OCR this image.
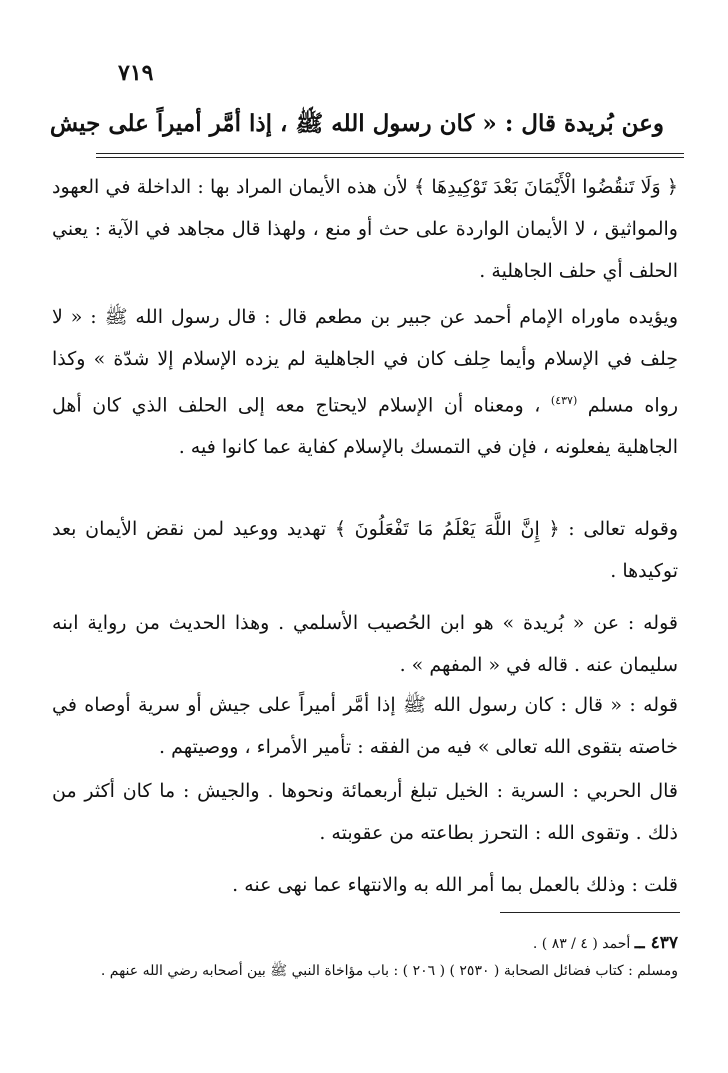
٧١٩
وعن بُريدة قال : « كان رسول الله ﷺ ، إذا أمَّر أميراً على جيش
﴿ وَلَا تَنقُضُوا الْأَيْمَانَ بَعْدَ تَوْكِيدِهَا ﴾ لأن هذه الأيمان المراد بها : الداخلة في العهود والمواثيق ، لا الأيمان الواردة على حث أو منع ، ولهذا قال مجاهد في الآية : يعني الحلف أي حلف الجاهلية .
ويؤيده ماوراه الإمام أحمد عن جبير بن مطعم قال : قال رسول الله ﷺ : « لا حِلف في الإسلام وأيما حِلف كان في الجاهلية لم يزده الإسلام إلا شدّة » وكذا رواه مسلم $^{(٤٣٧)}$ ، ومعناه أن الإسلام لايحتاج معه إلى الحلف الذي كان أهل الجاهلية يفعلونه ، فإن في التمسك بالإسلام كفاية عما كانوا فيه .
وقوله تعالى : ﴿ إِنَّ اللَّهَ يَعْلَمُ مَا تَفْعَلُونَ ﴾ تهديد ووعيد لمن نقض الأيمان بعد توكيدها .
قوله : عن « بُريدة » هو ابن الحُصيب الأسلمي . وهذا الحديث من رواية ابنه سليمان عنه . قاله في « المفهم » .
قوله : « قال : كان رسول الله ﷺ إذا أمَّر أميراً على جيش أو سرية أوصاه في خاصته بتقوى الله تعالى » فيه من الفقه : تأمير الأمراء ، ووصيتهم .
قال الحربي : السرية : الخيل تبلغ أربعمائة ونحوها . والجيش : ما كان أكثر من ذلك . وتقوى الله : التحرز بطاعته من عقوبته .
قلت : وذلك بالعمل بما أمر الله به والانتهاء عما نهى عنه .
٤٣٧ ــ أحمد ( ٤ / ٨٣ ) .
ومسلم : كتاب فضائل الصحابة ( ٢٥٣٠ ) ( ٢٠٦ ) : باب مؤاخاة النبي ﷺ بين أصحابه رضي الله عنهم .
